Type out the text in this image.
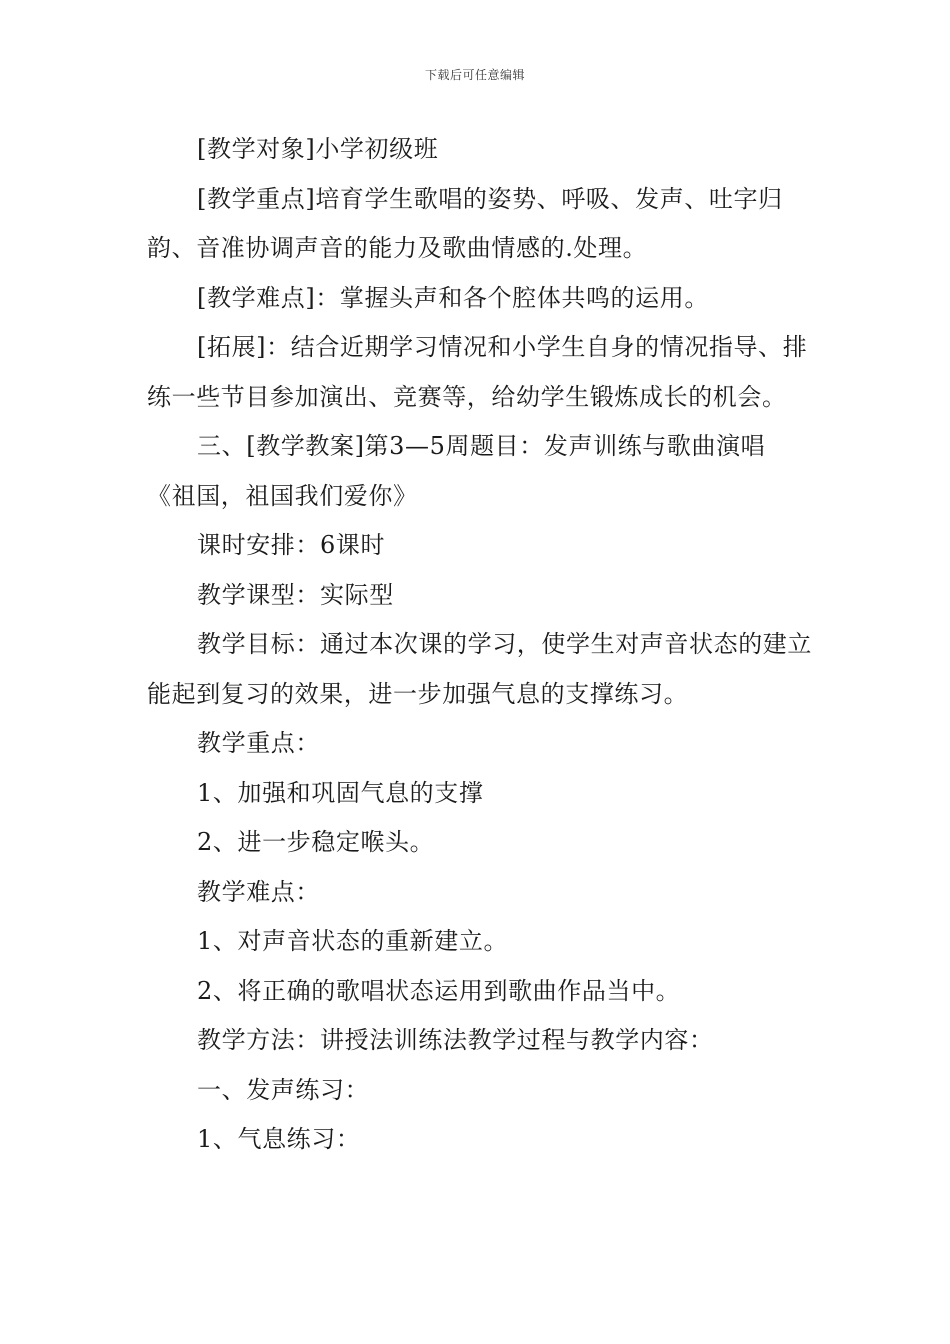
下载后可任意编辑

[教学对象]小学初级班

[教学重点]培育学生歌唱的姿势、呼吸、发声、吐字归韵、音准协调声音的能力及歌曲情感的.处理。

[教学难点]：掌握头声和各个腔体共鸣的运用。

[拓展]：结合近期学习情况和小学生自身的情况指导、排练一些节目参加演出、竞赛等，给幼学生锻炼成长的机会。

三、[教学教案]第3—5周题目：发声训练与歌曲演唱《祖国，祖国我们爱你》

课时安排：6课时

教学课型：实际型

教学目标：通过本次课的学习，使学生对声音状态的建立能起到复习的效果，进一步加强气息的支撑练习。

教学重点：

1、加强和巩固气息的支撑

2、进一步稳定喉头。

教学难点：

1、对声音状态的重新建立。

2、将正确的歌唱状态运用到歌曲作品当中。

教学方法：讲授法训练法教学过程与教学内容：

一、发声练习：

1、气息练习：
